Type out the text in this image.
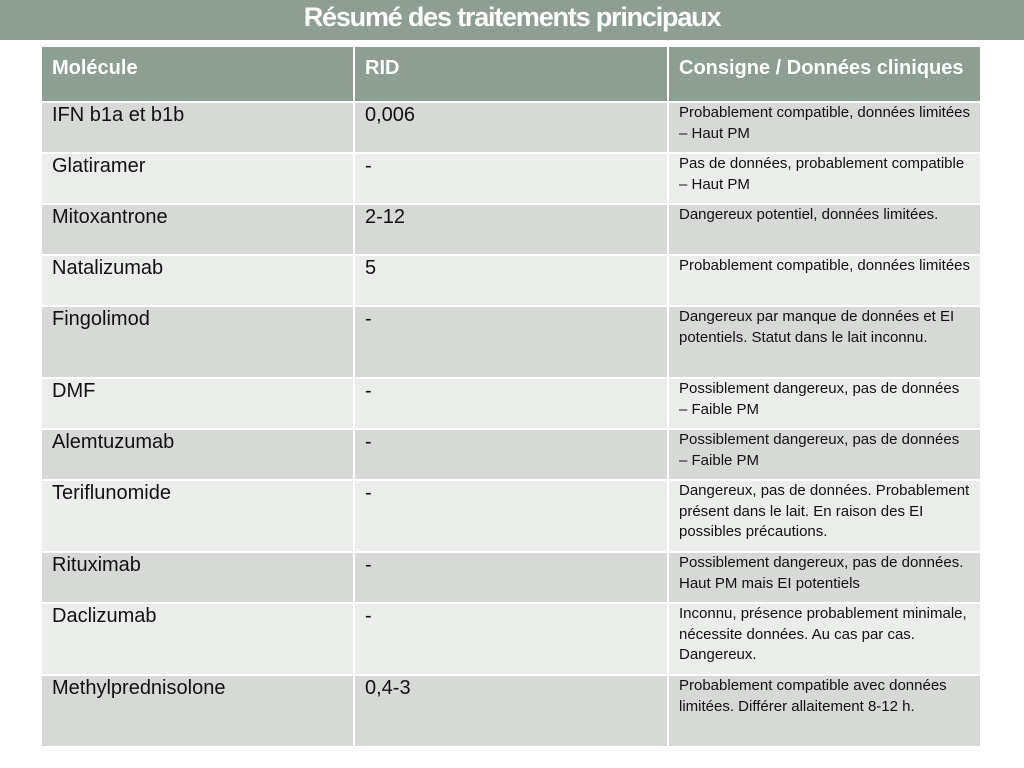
Résumé des traitements principaux
Molécule	RID	Consigne / Données cliniques
IFN b1a et b1b	0,006	Probablement compatible, données limitées – Haut PM
Glatiramer	-	Pas de données, probablement compatible – Haut PM
Mitoxantrone	2-12	Dangereux potentiel, données limitées.
Natalizumab	5	Probablement compatible, données limitées
Fingolimod	-	Dangereux par manque de données et EI potentiels. Statut dans le lait inconnu.
DMF	-	Possiblement dangereux, pas de données – Faible PM
Alemtuzumab	-	Possiblement dangereux, pas de données – Faible PM
Teriflunomide	-	Dangereux, pas de données. Probablement présent dans le lait. En raison des EI possibles précautions.
Rituximab	-	Possiblement dangereux, pas de données. Haut PM mais EI potentiels
Daclizumab	-	Inconnu, présence probablement minimale, nécessite données. Au cas par cas. Dangereux.
Methylprednisolone	0,4-3	Probablement compatible avec données limitées. Différer allaitement 8-12 h.
